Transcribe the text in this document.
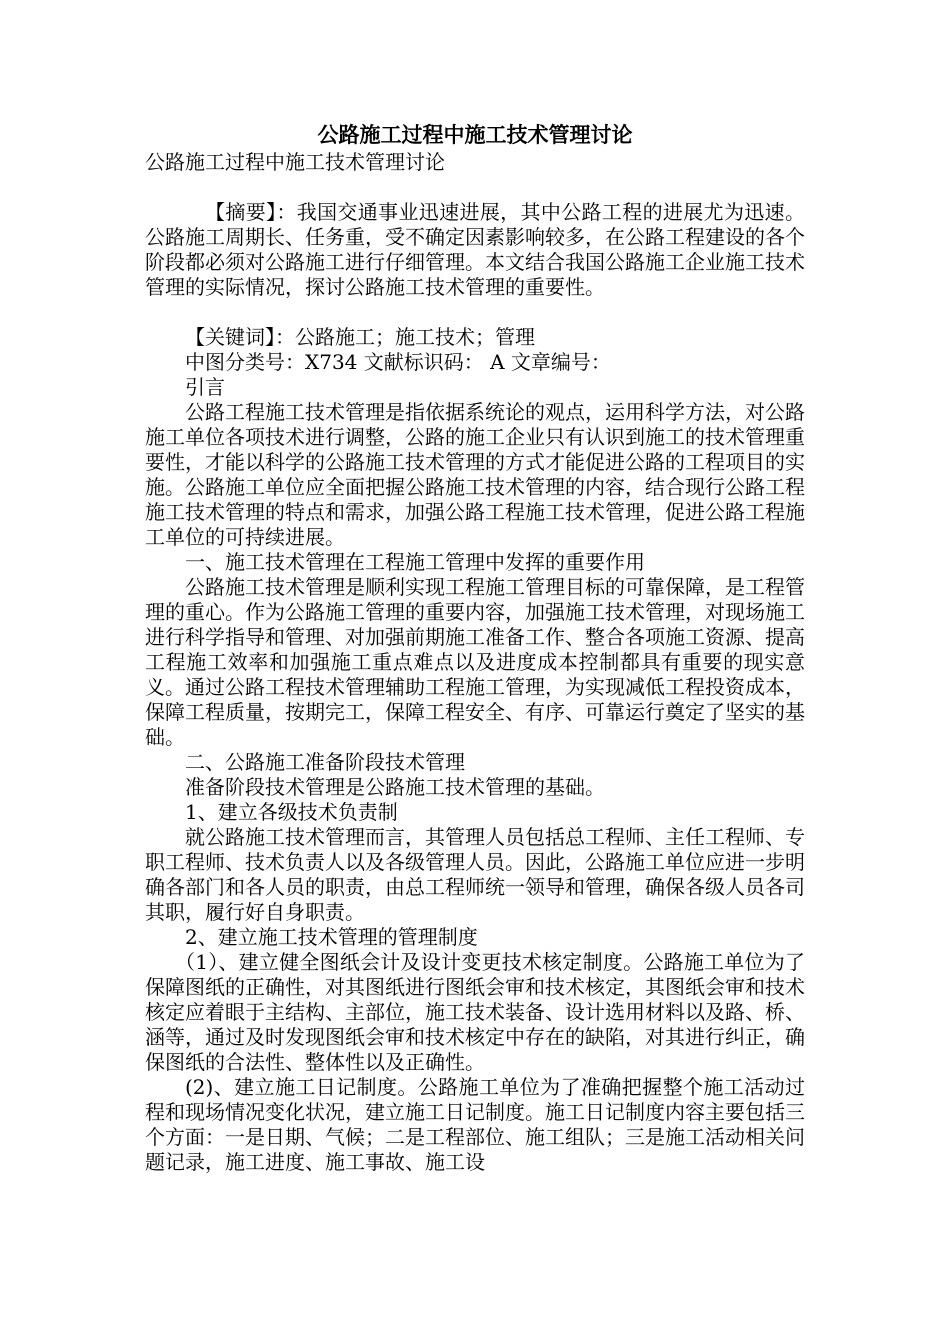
公路施工过程中施工技术管理讨论

公路施工过程中施工技术管理讨论

【摘要】：我国交通事业迅速进展，其中公路工程的进展尤为迅速。公路施工周期长、任务重，受不确定因素影响较多，在公路工程建设的各个阶段都必须对公路施工进行仔细管理。本文结合我国公路施工企业施工技术管理的实际情况，探讨公路施工技术管理的重要性。

【关键词】：公路施工；施工技术；管理

中图分类号：X734 文献标识码： A 文章编号：

引言

公路工程施工技术管理是指依据系统论的观点，运用科学方法，对公路施工单位各项技术进行调整，公路的施工企业只有认识到施工的技术管理重要性，才能以科学的公路施工技术管理的方式才能促进公路的工程项目的实施。公路施工单位应全面把握公路施工技术管理的内容，结合现行公路工程施工技术管理的特点和需求，加强公路工程施工技术管理，促进公路工程施工单位的可持续进展。

一、施工技术管理在工程施工管理中发挥的重要作用

公路施工技术管理是顺利实现工程施工管理目标的可靠保障，是工程管理的重心。作为公路施工管理的重要内容，加强施工技术管理，对现场施工进行科学指导和管理、对加强前期施工准备工作、整合各项施工资源、提高工程施工效率和加强施工重点难点以及进度成本控制都具有重要的现实意义。通过公路工程技术管理辅助工程施工管理，为实现减低工程投资成本，保障工程质量，按期完工，保障工程安全、有序、可靠运行奠定了坚实的基础。

二、公路施工准备阶段技术管理

准备阶段技术管理是公路施工技术管理的基础。

1、建立各级技术负责制

就公路施工技术管理而言，其管理人员包括总工程师、主任工程师、专职工程师、技术负责人以及各级管理人员。因此，公路施工单位应进一步明确各部门和各人员的职责，由总工程师统一领导和管理，确保各级人员各司其职，履行好自身职责。

2、建立施工技术管理的管理制度

（1）、建立健全图纸会计及设计变更技术核定制度。公路施工单位为了保障图纸的正确性，对其图纸进行图纸会审和技术核定，其图纸会审和技术核定应着眼于主结构、主部位，施工技术装备、设计选用材料以及路、桥、涵等，通过及时发现图纸会审和技术核定中存在的缺陷，对其进行纠正，确保图纸的合法性、整体性以及正确性。

(2)、建立施工日记制度。公路施工单位为了准确把握整个施工活动过程和现场情况变化状况，建立施工日记制度。施工日记制度内容主要包括三个方面：一是日期、气候；二是工程部位、施工组队；三是施工活动相关问题记录，施工进度、施工事故、施工设
